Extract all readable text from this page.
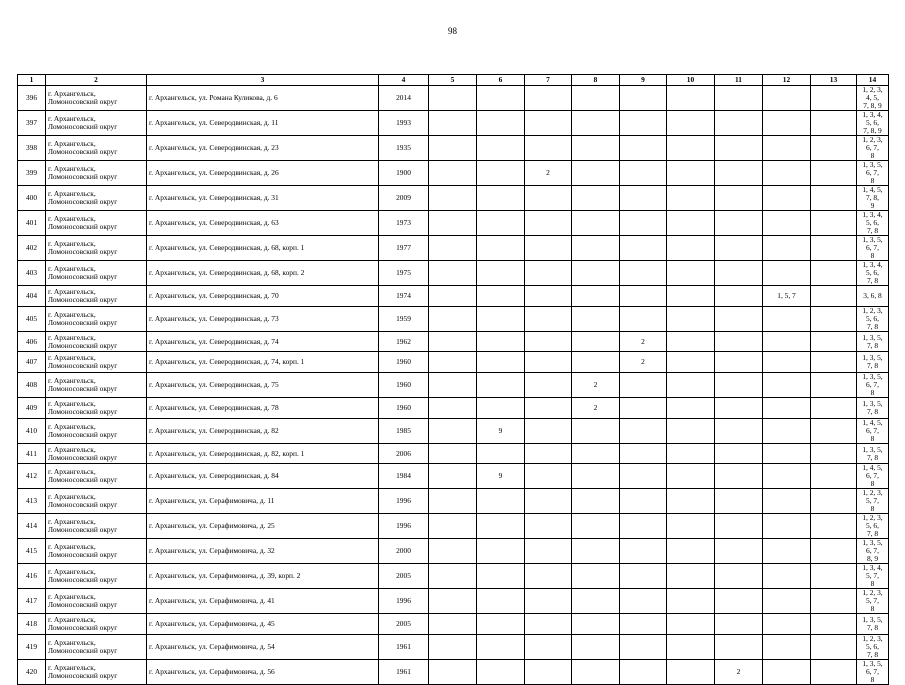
98
1	2	3	4	5	6	7	8	9	10	11	12	13	14
396	г. Архангельск,
Ломоносовский округ	г. Архангельск, ул. Романа Куликова, д. 6	2014										1, 2, 3, 4, 5,
7, 8, 9
397	г. Архангельск,
Ломоносовский округ	г. Архангельск, ул. Северодвинская, д. 11	1993										1, 3, 4, 5, 6,
7, 8, 9
398	г. Архангельск,
Ломоносовский округ	г. Архангельск, ул. Северодвинская, д. 23	1935										1, 2, 3, 6, 7,
8
399	г. Архангельск,
Ломоносовский округ	г. Архангельск, ул. Северодвинская, д. 26	1900			2							1, 3, 5, 6, 7,
8
400	г. Архангельск,
Ломоносовский округ	г. Архангельск, ул. Северодвинская, д. 31	2009										1, 4, 5, 7, 8,
9
401	г. Архангельск,
Ломоносовский округ	г. Архангельск, ул. Северодвинская, д. 63	1973										1, 3, 4, 5, 6,
7, 8
402	г. Архангельск,
Ломоносовский округ	г. Архангельск, ул. Северодвинская, д. 68, корп. 1	1977										1, 3, 5, 6, 7,
8
403	г. Архангельск,
Ломоносовский округ	г. Архангельск, ул. Северодвинская, д. 68, корп. 2	1975										1, 3, 4, 5, 6,
7, 8
404	г. Архангельск,
Ломоносовский округ	г. Архангельск, ул. Северодвинская, д. 70	1974								1, 5, 7		3, 6, 8
405	г. Архангельск,
Ломоносовский округ	г. Архангельск, ул. Северодвинская, д. 73	1959										1, 2, 3, 5, 6,
7, 8
406	г. Архангельск,
Ломоносовский округ	г. Архангельск, ул. Северодвинская, д. 74	1962					2					1, 3, 5, 7, 8
407	г. Архангельск,
Ломоносовский округ	г. Архангельск, ул. Северодвинская, д. 74, корп. 1	1960					2					1, 3, 5, 7, 8
408	г. Архангельск,
Ломоносовский округ	г. Архангельск, ул. Северодвинская, д. 75	1960				2						1, 3, 5, 6, 7,
8
409	г. Архангельск,
Ломоносовский округ	г. Архангельск, ул. Северодвинская, д. 78	1960				2						1, 3, 5, 7, 8
410	г. Архангельск,
Ломоносовский округ	г. Архангельск, ул. Северодвинская, д. 82	1985		9								1, 4, 5, 6, 7,
8
411	г. Архангельск,
Ломоносовский округ	г. Архангельск, ул. Северодвинская, д. 82, корп. 1	2006										1, 3, 5, 7, 8
412	г. Архангельск,
Ломоносовский округ	г. Архангельск, ул. Северодвинская, д. 84	1984		9								1, 4, 5, 6, 7,
8
413	г. Архангельск,
Ломоносовский округ	г. Архангельск, ул. Серафимовича, д. 11	1996										1, 2, 3, 5, 7,
8
414	г. Архангельск,
Ломоносовский округ	г. Архангельск, ул. Серафимовича, д. 25	1996										1, 2, 3, 5, 6,
7, 8
415	г. Архангельск,
Ломоносовский округ	г. Архангельск, ул. Серафимовича, д. 32	2000										1, 3, 5, 6, 7,
8, 9
416	г. Архангельск,
Ломоносовский округ	г. Архангельск, ул. Серафимовича, д. 39, корп. 2	2005										1, 3, 4, 5, 7,
8
417	г. Архангельск,
Ломоносовский округ	г. Архангельск, ул. Серафимовича, д. 41	1996										1, 2, 3, 5, 7,
8
418	г. Архангельск,
Ломоносовский округ	г. Архангельск, ул. Серафимовича, д. 45	2005										1, 3, 5, 7, 8
419	г. Архангельск,
Ломоносовский округ	г. Архангельск, ул. Серафимовича, д. 54	1961										1, 2, 3, 5, 6,
7, 8
420	г. Архангельск,
Ломоносовский округ	г. Архангельск, ул. Серафимовича, д. 56	1961							2			1, 3, 5, 6, 7,
8
